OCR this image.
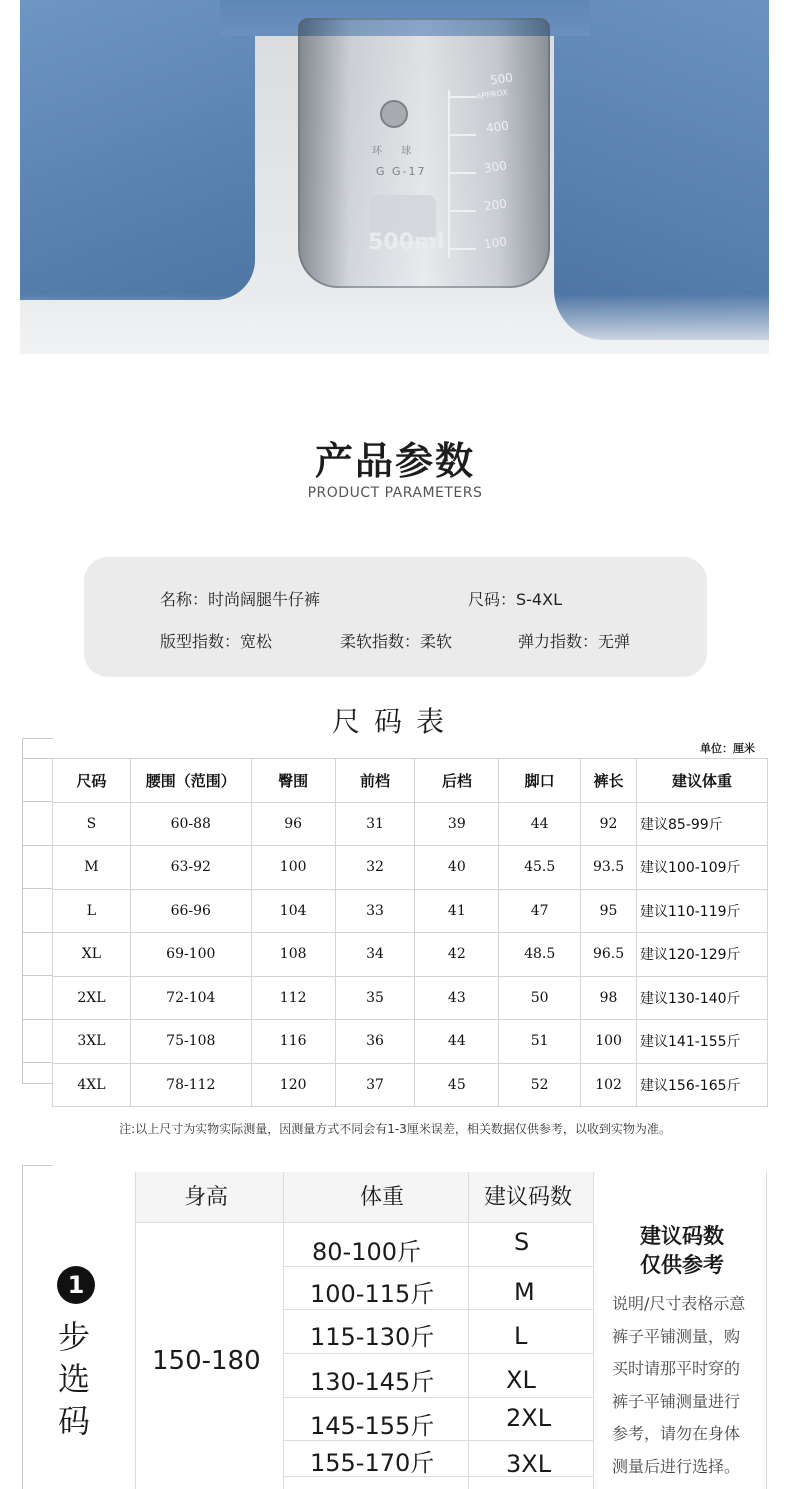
环 球
G G-17
500ml
APPROX
500
400
300
200
100
产品参数
PRODUCT PARAMETERS
名称：时尚阔腿牛仔裤	尺码：S-4XL
版型指数：宽松	柔软指数：柔软	弹力指数：无弹
尺码表
单位：厘米
尺码	腰围（范围）	臀围	前档	后档	脚口	裤长	建议体重
S	60-88	96	31	39	44	92	建议85-99斤
M	63-92	100	32	40	45.5	93.5	建议100-109斤
L	66-96	104	33	41	47	95	建议110-119斤
XL	69-100	108	34	42	48.5	96.5	建议120-129斤
2XL	72-104	112	35	43	50	98	建议130-140斤
3XL	75-108	116	36	44	51	100	建议141-155斤
4XL	78-112	120	37	45	52	102	建议156-165斤
注:以上尺寸为实物实际测量，因测量方式不同会有1-3厘米误差，相关数据仅供参考，以收到实物为准。
1
步
选
码
身高	体重	建议码数
150-180
80-100斤	S
100-115斤	M
115-130斤	L
130-145斤	XL
145-155斤	2XL
155-170斤	3XL
建议码数
仅供参考
说明/尺寸表格示意
裤子平铺测量，购
买时请那平时穿的
裤子平铺测量进行
参考，请勿在身体
测量后进行选择。
